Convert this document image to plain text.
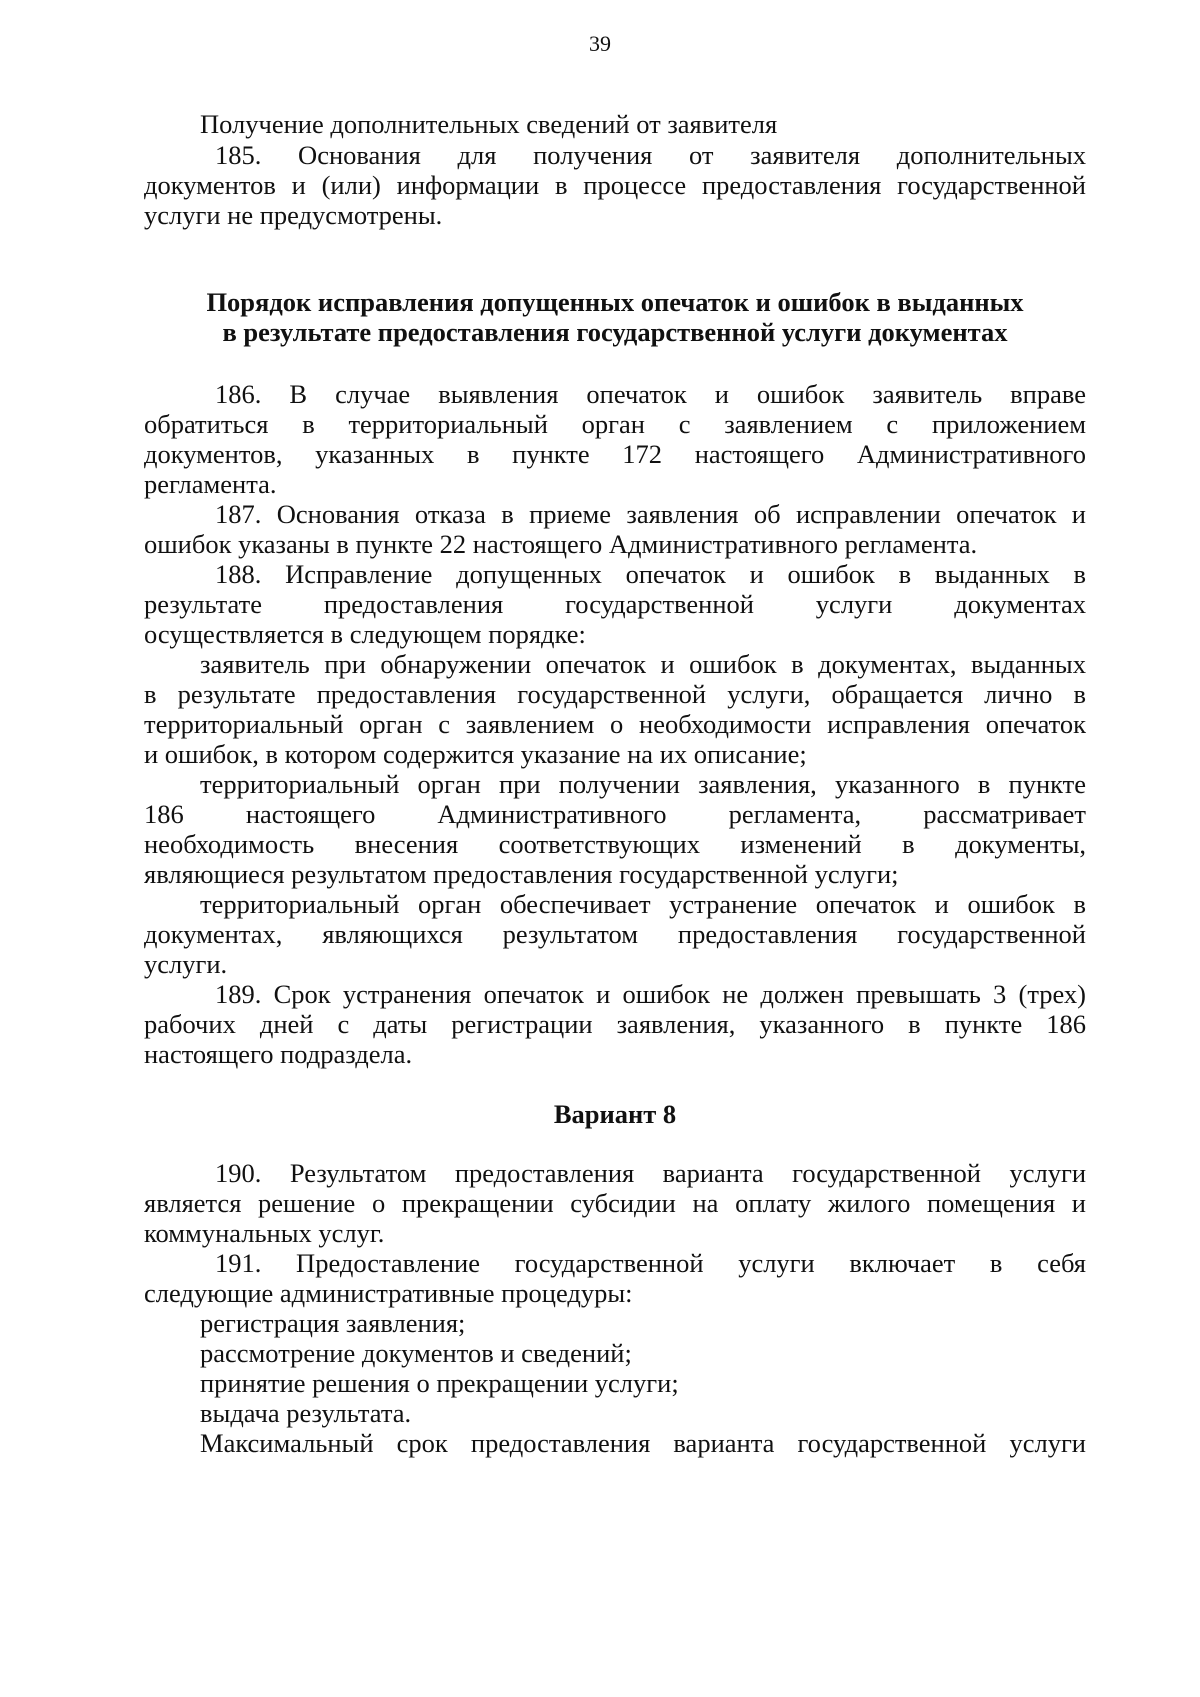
39
Получение дополнительных сведений от заявителя
185. Основания для получения от заявителя дополнительных
документов и (или) информации в процессе предоставления государственной
услуги не предусмотрены.
Порядок исправления допущенных опечаток и ошибок в выданных
в результате предоставления государственной услуги документах
186. В случае выявления опечаток и ошибок заявитель вправе
обратиться в территориальный орган с заявлением с приложением
документов, указанных в пункте 172 настоящего Административного
регламента.
187. Основания отказа в приеме заявления об исправлении опечаток и
ошибок указаны в пункте 22 настоящего Административного регламента.
188. Исправление допущенных опечаток и ошибок в выданных в
результате предоставления государственной услуги документах
осуществляется в следующем порядке:
заявитель при обнаружении опечаток и ошибок в документах, выданных
в результате предоставления государственной услуги, обращается лично в
территориальный орган с заявлением о необходимости исправления опечаток
и ошибок, в котором содержится указание на их описание;
территориальный орган при получении заявления, указанного в пункте
186 настоящего Административного регламента, рассматривает
необходимость внесения соответствующих изменений в документы,
являющиеся результатом предоставления государственной услуги;
территориальный орган обеспечивает устранение опечаток и ошибок в
документах, являющихся результатом предоставления государственной
услуги.
189. Срок устранения опечаток и ошибок не должен превышать 3 (трех)
рабочих дней с даты регистрации заявления, указанного в пункте 186
настоящего подраздела.
Вариант 8
190. Результатом предоставления варианта государственной услуги
является решение о прекращении субсидии на оплату жилого помещения и
коммунальных услуг.
191. Предоставление государственной услуги включает в себя
следующие административные процедуры:
регистрация заявления;
рассмотрение документов и сведений;
принятие решения о прекращении услуги;
выдача результата.
Максимальный срок предоставления варианта государственной услуги
